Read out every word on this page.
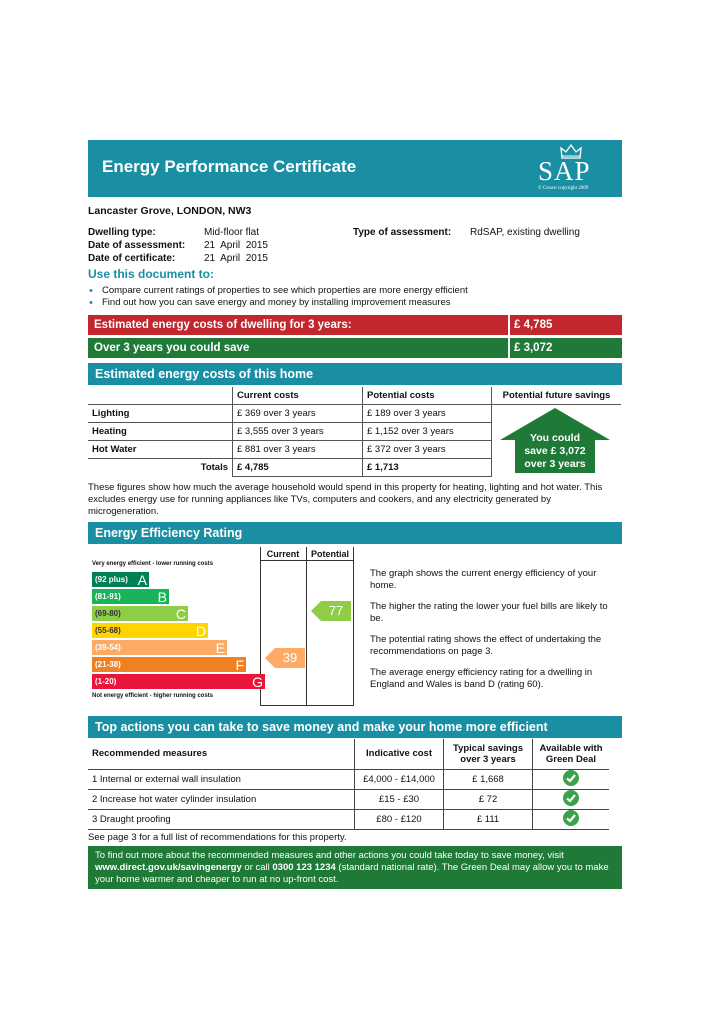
Energy Performance Certificate	SAP
© Crown copyright 2009
Lancaster Grove, LONDON, NW3
Dwelling type:	Mid-floor flat
Date of assessment: 21  April  2015
Date of certificate:	21  April  2015
Type of assessment: RdSAP, existing dwelling
Use this document to:
• Compare current ratings of properties to see which properties are more energy efficient
• Find out how you can save energy and money by installing improvement measures
Estimated energy costs of dwelling for 3 years:	£ 4,785
Over 3 years you could save	£ 3,072
Estimated energy costs of this home
	Current costs	Potential costs	Potential future savings
Lighting	£ 369 over 3 years	£ 189 over 3 years	
Heating	£ 3,555 over 3 years	£ 1,152 over 3 years	
Hot Water	£ 881 over 3 years	£ 372 over 3 years	
Totals	£ 4,785	£ 1,713	
You could
save £ 3,072
over 3 years
These figures show how much the average household would spend in this property for heating, lighting and hot water. This excludes energy use for running appliances like TVs, computers and cookers, and any electricity generated by microgeneration.
Energy Efficiency Rating
Current	Potential
Very energy efficient - lower running costs
Not energy efficient - higher running costs
(92 plus) A
(81-91)	B
(69-80)	C
(55-68)	D
(39-54)	E
(21-38)	F
(1-20)	G
39
77
The graph shows the current energy efficiency of your home.
The higher the rating the lower your fuel bills are likely to be.
The potential rating shows the effect of undertaking the recommendations on page 3.
The average energy efficiency rating for a dwelling in England and Wales is band D (rating 60).
Top actions you can take to save money and make your home more efficient
Recommended measures	Indicative cost	Typical savings over 3 years	Available with Green Deal
1 Internal or external wall insulation	£4,000 - £14,000	£ 1,668	
2 Increase hot water cylinder insulation	£15 - £30	£ 72	
3 Draught proofing	£80 - £120	£ 111	
See page 3 for a full list of recommendations for this property.
To find out more about the recommended measures and other actions you could take today to save money, visit www.direct.gov.uk/savingenergy or call 0300 123 1234 (standard national rate). The Green Deal may allow you to make your home warmer and cheaper to run at no up-front cost.
